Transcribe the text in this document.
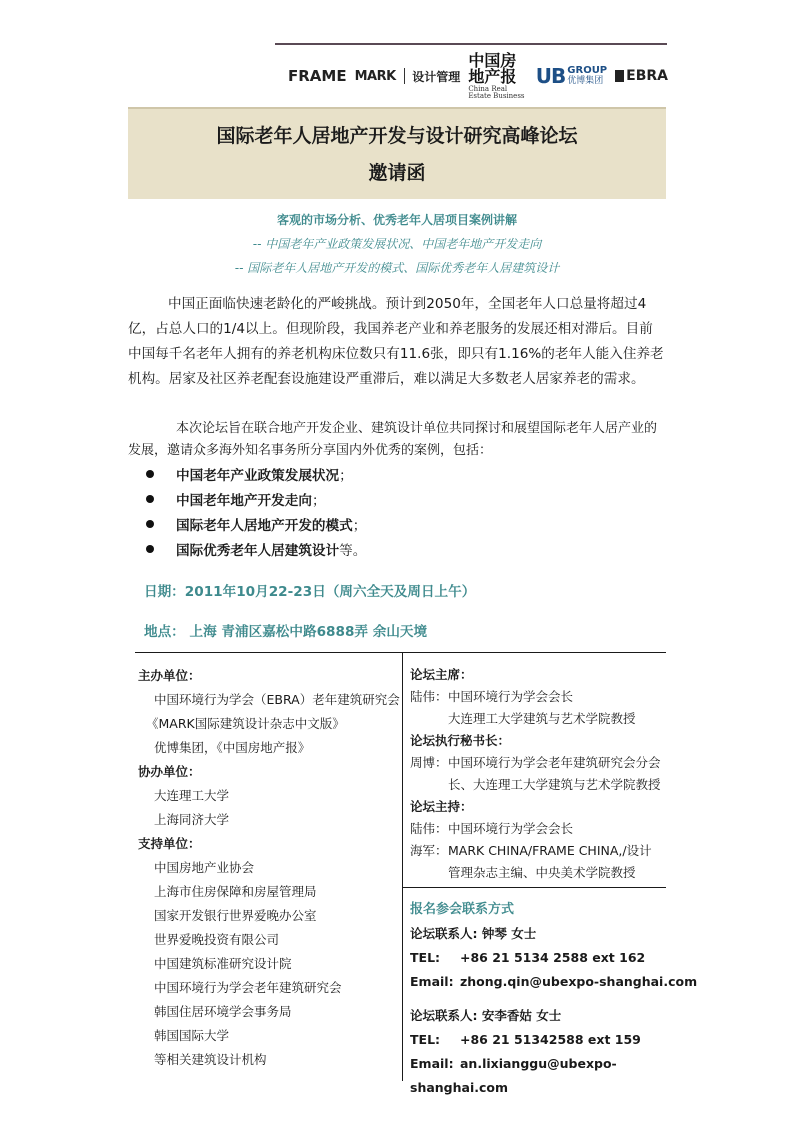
FRAME MARK 设计管理
中国房地产报
China Real Estate Business
UB GROUP
优博集团 EBRA
国际老年人居地产开发与设计研究高峰论坛
邀请函
客观的市场分析、优秀老年人居项目案例讲解
-- 中国老年产业政策发展状况、中国老年地产开发走向
-- 国际老年人居地产开发的模式、国际优秀老年人居建筑设计
中国正面临快速老龄化的严峻挑战。预计到2050年，全国老年人口总量将超过4亿，占总人口的1/4以上。但现阶段，我国养老产业和养老服务的发展还相对滞后。目前中国每千名老年人拥有的养老机构床位数只有11.6张，即只有1.16%的老年人能入住养老机构。居家及社区养老配套设施建设严重滞后，难以满足大多数老人居家养老的需求。
本次论坛旨在联合地产开发企业、建筑设计单位共同探讨和展望国际老年人居产业的发展，邀请众多海外知名事务所分享国内外优秀的案例，包括：
中国老年产业政策发展状况 ；
中国老年地产开发走向 ；
国际老年人居地产开发的模式 ；
国际优秀老年人居建筑设计 等。
日期：2011年10月22-23日（周六全天及周日上午）
地点： 上海 青浦区嘉松中路6888弄 余山天境
主办单位：
中国环境行为学会（EBRA）老年建筑研究会
《MARK国际建筑设计杂志中文版》
优博集团，《中国房地产报》
协办单位：
大连理工大学
上海同济大学
支持单位：
中国房地产业协会
上海市住房保障和房屋管理局
国家开发银行世界爱晚办公室
世界爱晚投资有限公司
中国建筑标准研究设计院
中国环境行为学会老年建筑研究会
韩国住居环境学会事务局
韩国国际大学
等相关建筑设计机构
论坛主席：
陆伟：中国环境行为学会会长
大连理工大学建筑与艺术学院教授
论坛执行秘书长：
周博：中国环境行为学会老年建筑研究会分会
长、大连理工大学建筑与艺术学院教授
论坛主持：
陆伟：中国环境行为学会会长
海军：MARK CHINA/FRAME CHINA,/设计
管理杂志主编、中央美术学院教授
报名参会联系方式
论坛联系人: 钟琴 女士
TEL: +86 21 5134 2588 ext 162
Email: zhong.qin@ubexpo-shanghai.com
论坛联系人: 安李香姑 女士
TEL: +86 21 51342588 ext 159
Email: an.lixianggu@ubexpo-
shanghai.com
